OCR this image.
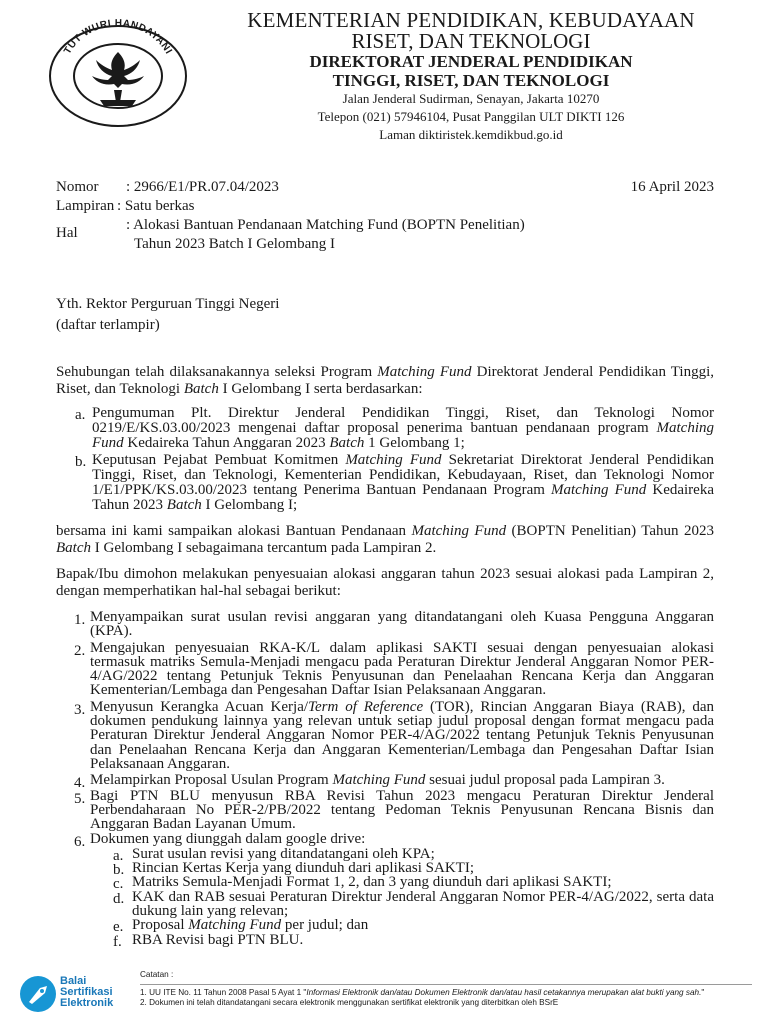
TUT WURI HANDAYANI
KEMENTERIAN PENDIDIKAN, KEBUDAYAAN
RISET, DAN TEKNOLOGI
DIREKTORAT JENDERAL PENDIDIKAN
TINGGI, RISET, DAN TEKNOLOGI
Jalan Jenderal Sudirman, Senayan, Jakarta 10270
Telepon (021) 57946104, Pusat Panggilan ULT DIKTI 126
Laman diktiristek.kemdikbud.go.id
Nomor : 2966/E1/PR.07.04/2023	16 April 2023
Lampiran : Satu berkas
Hal	: Alokasi Bantuan Pendanaan Matching Fund (BOPTN Penelitian)
Tahun 2023 Batch I Gelombang I
Yth. Rektor Perguruan Tinggi Negeri
(daftar terlampir)
Sehubungan telah dilaksanakannya seleksi Program Matching Fund Direktorat Jenderal Pendidikan Tinggi, Riset, dan Teknologi Batch I Gelombang I serta berdasarkan:
a. Pengumuman Plt. Direktur Jenderal Pendidikan Tinggi, Riset, dan Teknologi Nomor 0219/E/KS.03.00/2023 mengenai daftar proposal penerima bantuan pendanaan program Matching Fund Kedaireka Tahun Anggaran 2023 Batch 1 Gelombang 1;
b. Keputusan Pejabat Pembuat Komitmen Matching Fund Sekretariat Direktorat Jenderal Pendidikan Tinggi, Riset, dan Teknologi, Kementerian Pendidikan, Kebudayaan, Riset, dan Teknologi Nomor 1/E1/PPK/KS.03.00/2023 tentang Penerima Bantuan Pendanaan Program Matching Fund Kedaireka Tahun 2023 Batch I Gelombang I;
bersama ini kami sampaikan alokasi Bantuan Pendanaan Matching Fund (BOPTN Penelitian) Tahun 2023 Batch I Gelombang I sebagaimana tercantum pada Lampiran 2.
Bapak/Ibu dimohon melakukan penyesuaian alokasi anggaran tahun 2023 sesuai alokasi pada Lampiran 2, dengan memperhatikan hal-hal sebagai berikut:
1. Menyampaikan surat usulan revisi anggaran yang ditandatangani oleh Kuasa Pengguna Anggaran (KPA).
2. Mengajukan penyesuaian RKA-K/L dalam aplikasi SAKTI sesuai dengan penyesuaian alokasi termasuk matriks Semula-Menjadi mengacu pada Peraturan Direktur Jenderal Anggaran Nomor PER-4/AG/2022 tentang Petunjuk Teknis Penyusunan dan Penelaahan Rencana Kerja dan Anggaran Kementerian/Lembaga dan Pengesahan Daftar Isian Pelaksanaan Anggaran.
3. Menyusun Kerangka Acuan Kerja/Term of Reference (TOR), Rincian Anggaran Biaya (RAB), dan dokumen pendukung lainnya yang relevan untuk setiap judul proposal dengan format mengacu pada Peraturan Direktur Jenderal Anggaran Nomor PER-4/AG/2022 tentang Petunjuk Teknis Penyusunan dan Penelaahan Rencana Kerja dan Anggaran Kementerian/Lembaga dan Pengesahan Daftar Isian Pelaksanaan Anggaran.
4. Melampirkan Proposal Usulan Program Matching Fund sesuai judul proposal pada Lampiran 3.
5. Bagi PTN BLU menyusun RBA Revisi Tahun 2023 mengacu Peraturan Direktur Jenderal Perbendaharaan No PER-2/PB/2022 tentang Pedoman Teknis Penyusunan Rencana Bisnis dan Anggaran Badan Layanan Umum.
6. Dokumen yang diunggah dalam google drive:
a. Surat usulan revisi yang ditandatangani oleh KPA;
b. Rincian Kertas Kerja yang diunduh dari aplikasi SAKTI;
c. Matriks Semula-Menjadi Format 1, 2, dan 3 yang diunduh dari aplikasi SAKTI;
d. KAK dan RAB sesuai Peraturan Direktur Jenderal Anggaran Nomor PER-4/AG/2022, serta data dukung lain yang relevan;
e. Proposal Matching Fund per judul; dan
f. RBA Revisi bagi PTN BLU.
Balai
Sertifikasi
Elektronik
Catatan :
1. UU ITE No. 11 Tahun 2008 Pasal 5 Ayat 1 "Informasi Elektronik dan/atau Dokumen Elektronik dan/atau hasil cetakannya merupakan alat bukti yang sah."
2. Dokumen ini telah ditandatangani secara elektronik menggunakan sertifikat elektronik yang diterbitkan oleh BSrE
